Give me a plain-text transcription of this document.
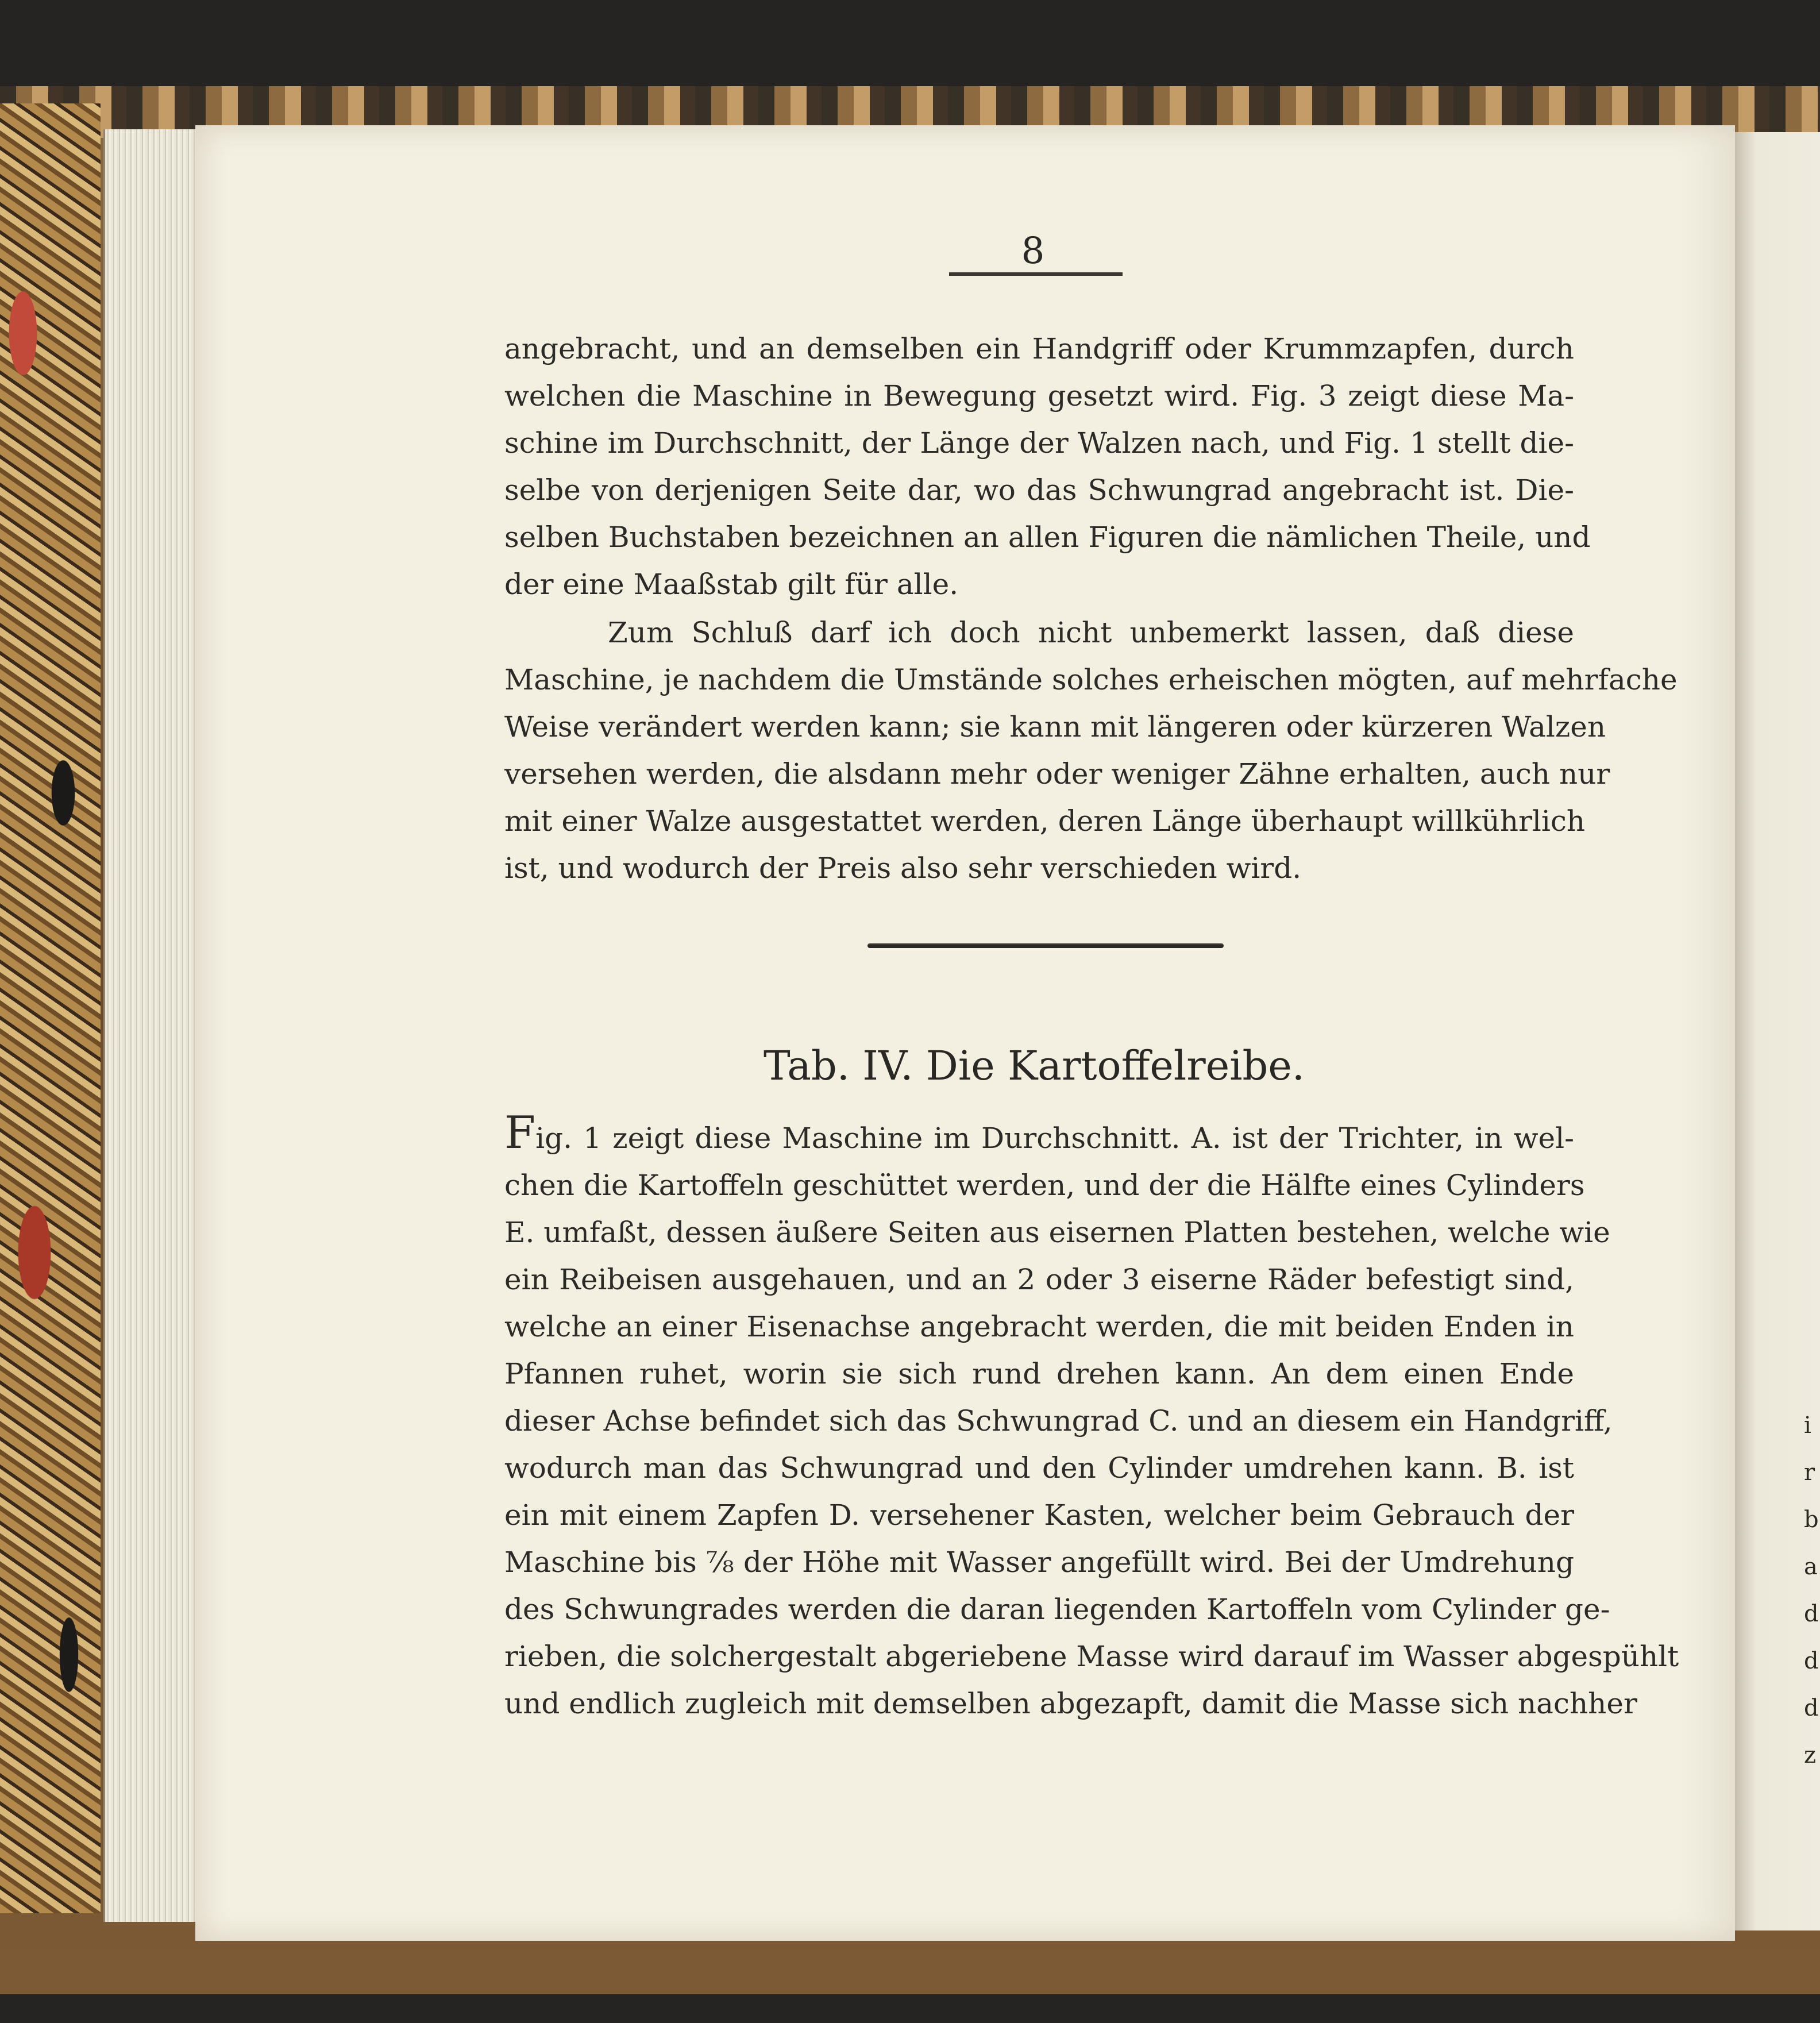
i
r
b
a
d
d
d
z
8
angebracht, und an demselben ein Handgriff oder Krummzapfen, durch
welchen die Maschine in Bewegung gesetzt wird. Fig. 3 zeigt diese Ma-
schine im Durchschnitt, der Länge der Walzen nach, und Fig. 1 stellt die-
selbe von derjenigen Seite dar, wo das Schwungrad angebracht ist. Die-
selben Buchstaben bezeichnen an allen Figuren die nämlichen Theile, und
der eine Maaßstab gilt für alle.
Zum Schluß darf ich doch nicht unbemerkt lassen, daß diese
Maschine, je nachdem die Umstände solches erheischen mögten, auf mehrfache
Weise verändert werden kann; sie kann mit längeren oder kürzeren Walzen
versehen werden, die alsdann mehr oder weniger Zähne erhalten, auch nur
mit einer Walze ausgestattet werden, deren Länge überhaupt willkührlich
ist, und wodurch der Preis also sehr verschieden wird.
Tab. IV. Die Kartoffelreibe.
Fig. 1 zeigt diese Maschine im Durchschnitt. A. ist der Trichter, in wel-
chen die Kartoffeln geschüttet werden, und der die Hälfte eines Cylinders
E. umfaßt, dessen äußere Seiten aus eisernen Platten bestehen, welche wie
ein Reibeisen ausgehauen, und an 2 oder 3 eiserne Räder befestigt sind,
welche an einer Eisenachse angebracht werden, die mit beiden Enden in
Pfannen ruhet, worin sie sich rund drehen kann. An dem einen Ende
dieser Achse befindet sich das Schwungrad C. und an diesem ein Handgriff,
wodurch man das Schwungrad und den Cylinder umdrehen kann. B. ist
ein mit einem Zapfen D. versehener Kasten, welcher beim Gebrauch der
Maschine bis ⅞ der Höhe mit Wasser angefüllt wird. Bei der Umdrehung
des Schwungrades werden die daran liegenden Kartoffeln vom Cylinder ge-
rieben, die solchergestalt abgeriebene Masse wird darauf im Wasser abgespühlt
und endlich zugleich mit demselben abgezapft, damit die Masse sich nachher
